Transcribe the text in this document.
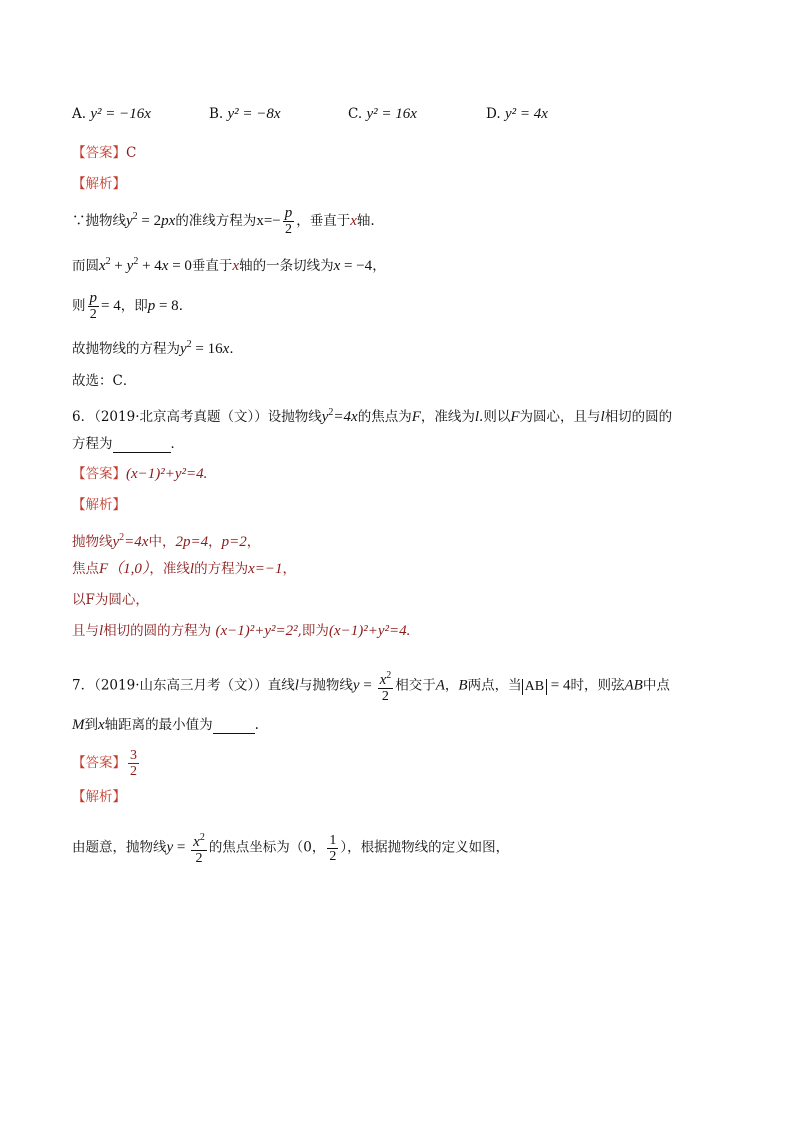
A. y² = −16x	B. y² = −8x	C. y² = 16x	D. y² = 4x
【答案】C
【解析】
∵抛物线$y^2 = 2px$的准线方程为$x=- \frac{p}{2}$ ，垂直于x轴.
而圆$x^2 + y^2 + 4x = 0$垂直于x轴的一条切线为x = −4，
则 $\frac{p}{2} = 4$，即p = 8．
故抛物线的方程为$y^2 = 16x$．
故选：C．
6．（2019·北京高考真题（文））设抛物线$y^2=4x$的焦点为F，准线为l.则以F为圆心，且与l相切的圆的
方程为	．
【答案】(x−1)²+y²=4.
【解析】
抛物线$y^2=4x$中，2p=4，p=2，
焦点F（1,0），准线l的方程为x=−1，
以F为圆心，
且与l相切的圆的方程为 (x−1)²+y²=2²,即为(x−1)²+y²=4.
7．（2019·山东高三月考（文））直线l与抛物线$y = \frac{x^2}{2}$ 相交于A，B两点，当 AB = 4时，则弦AB中点
M到x轴距离的最小值为	.
【答案】 $\frac{3}{2}$
【解析】
由题意，抛物线$y = \frac{x^2}{2}$ 的焦点坐标为（0， $\frac{1}{2}$ ），根据抛物线的定义如图，
